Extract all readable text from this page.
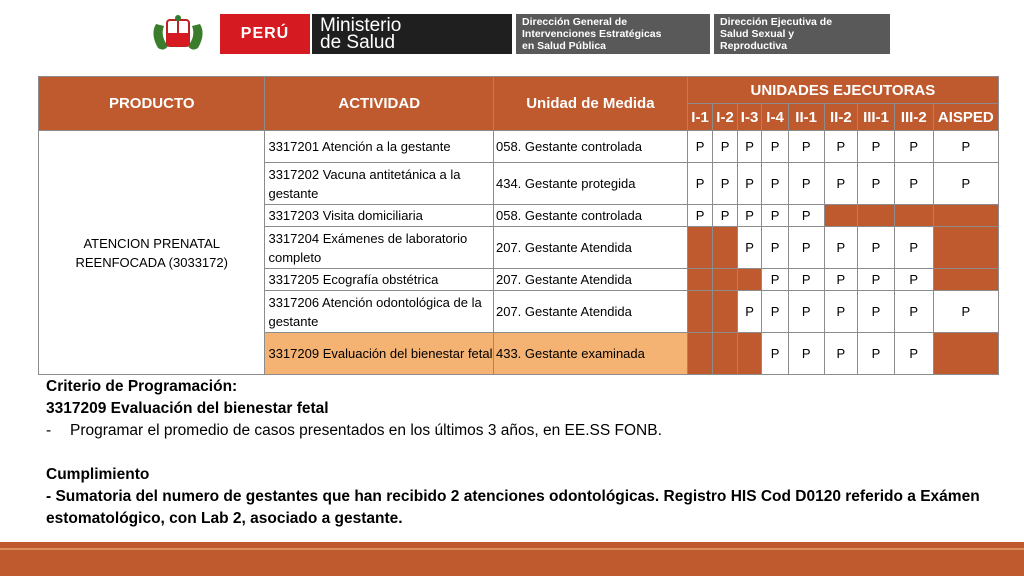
PERÚ	Ministerio
de Salud
Dirección General de
Intervenciones Estratégicas
en Salud Pública
Dirección Ejecutiva de
Salud Sexual y
Reproductiva
PRODUCTO	ACTIVIDAD	Unidad de Medida	UNIDADES EJECUTORAS								
			I-1	I-2	I-3	I-4	II-1	II-2	III-1	III-2	AISPED
ATENCION PRENATAL REENFOCADA (3033172)	3317201 Atención a la gestante	058. Gestante controlada	P	P	P	P	P	P	P	P	P
	3317202 Vacuna antitetánica a la gestante	434. Gestante protegida	P	P	P	P	P	P	P	P	P
	3317203 Visita domiciliaria	058. Gestante controlada	P	P	P	P	P				
	3317204 Exámenes de laboratorio completo	207. Gestante Atendida			P	P	P	P	P	P	
	3317205 Ecografía obstétrica	207. Gestante Atendida				P	P	P	P	P	
	3317206 Atención odontológica de la gestante	207. Gestante Atendida			P	P	P	P	P	P	P
	3317209 Evaluación del bienestar fetal	433. Gestante examinada				P	P	P	P	P	
Criterio de Programación:
3317209 Evaluación del bienestar fetal
-	Programar el promedio de casos presentados en los últimos 3 años, en EE.SS FONB.
Cumplimiento
- Sumatoria del numero de gestantes que han recibido 2 atenciones odontológicas. Registro HIS Cod D0120 referido a Exámen estomatológico, con Lab 2, asociado a gestante.
